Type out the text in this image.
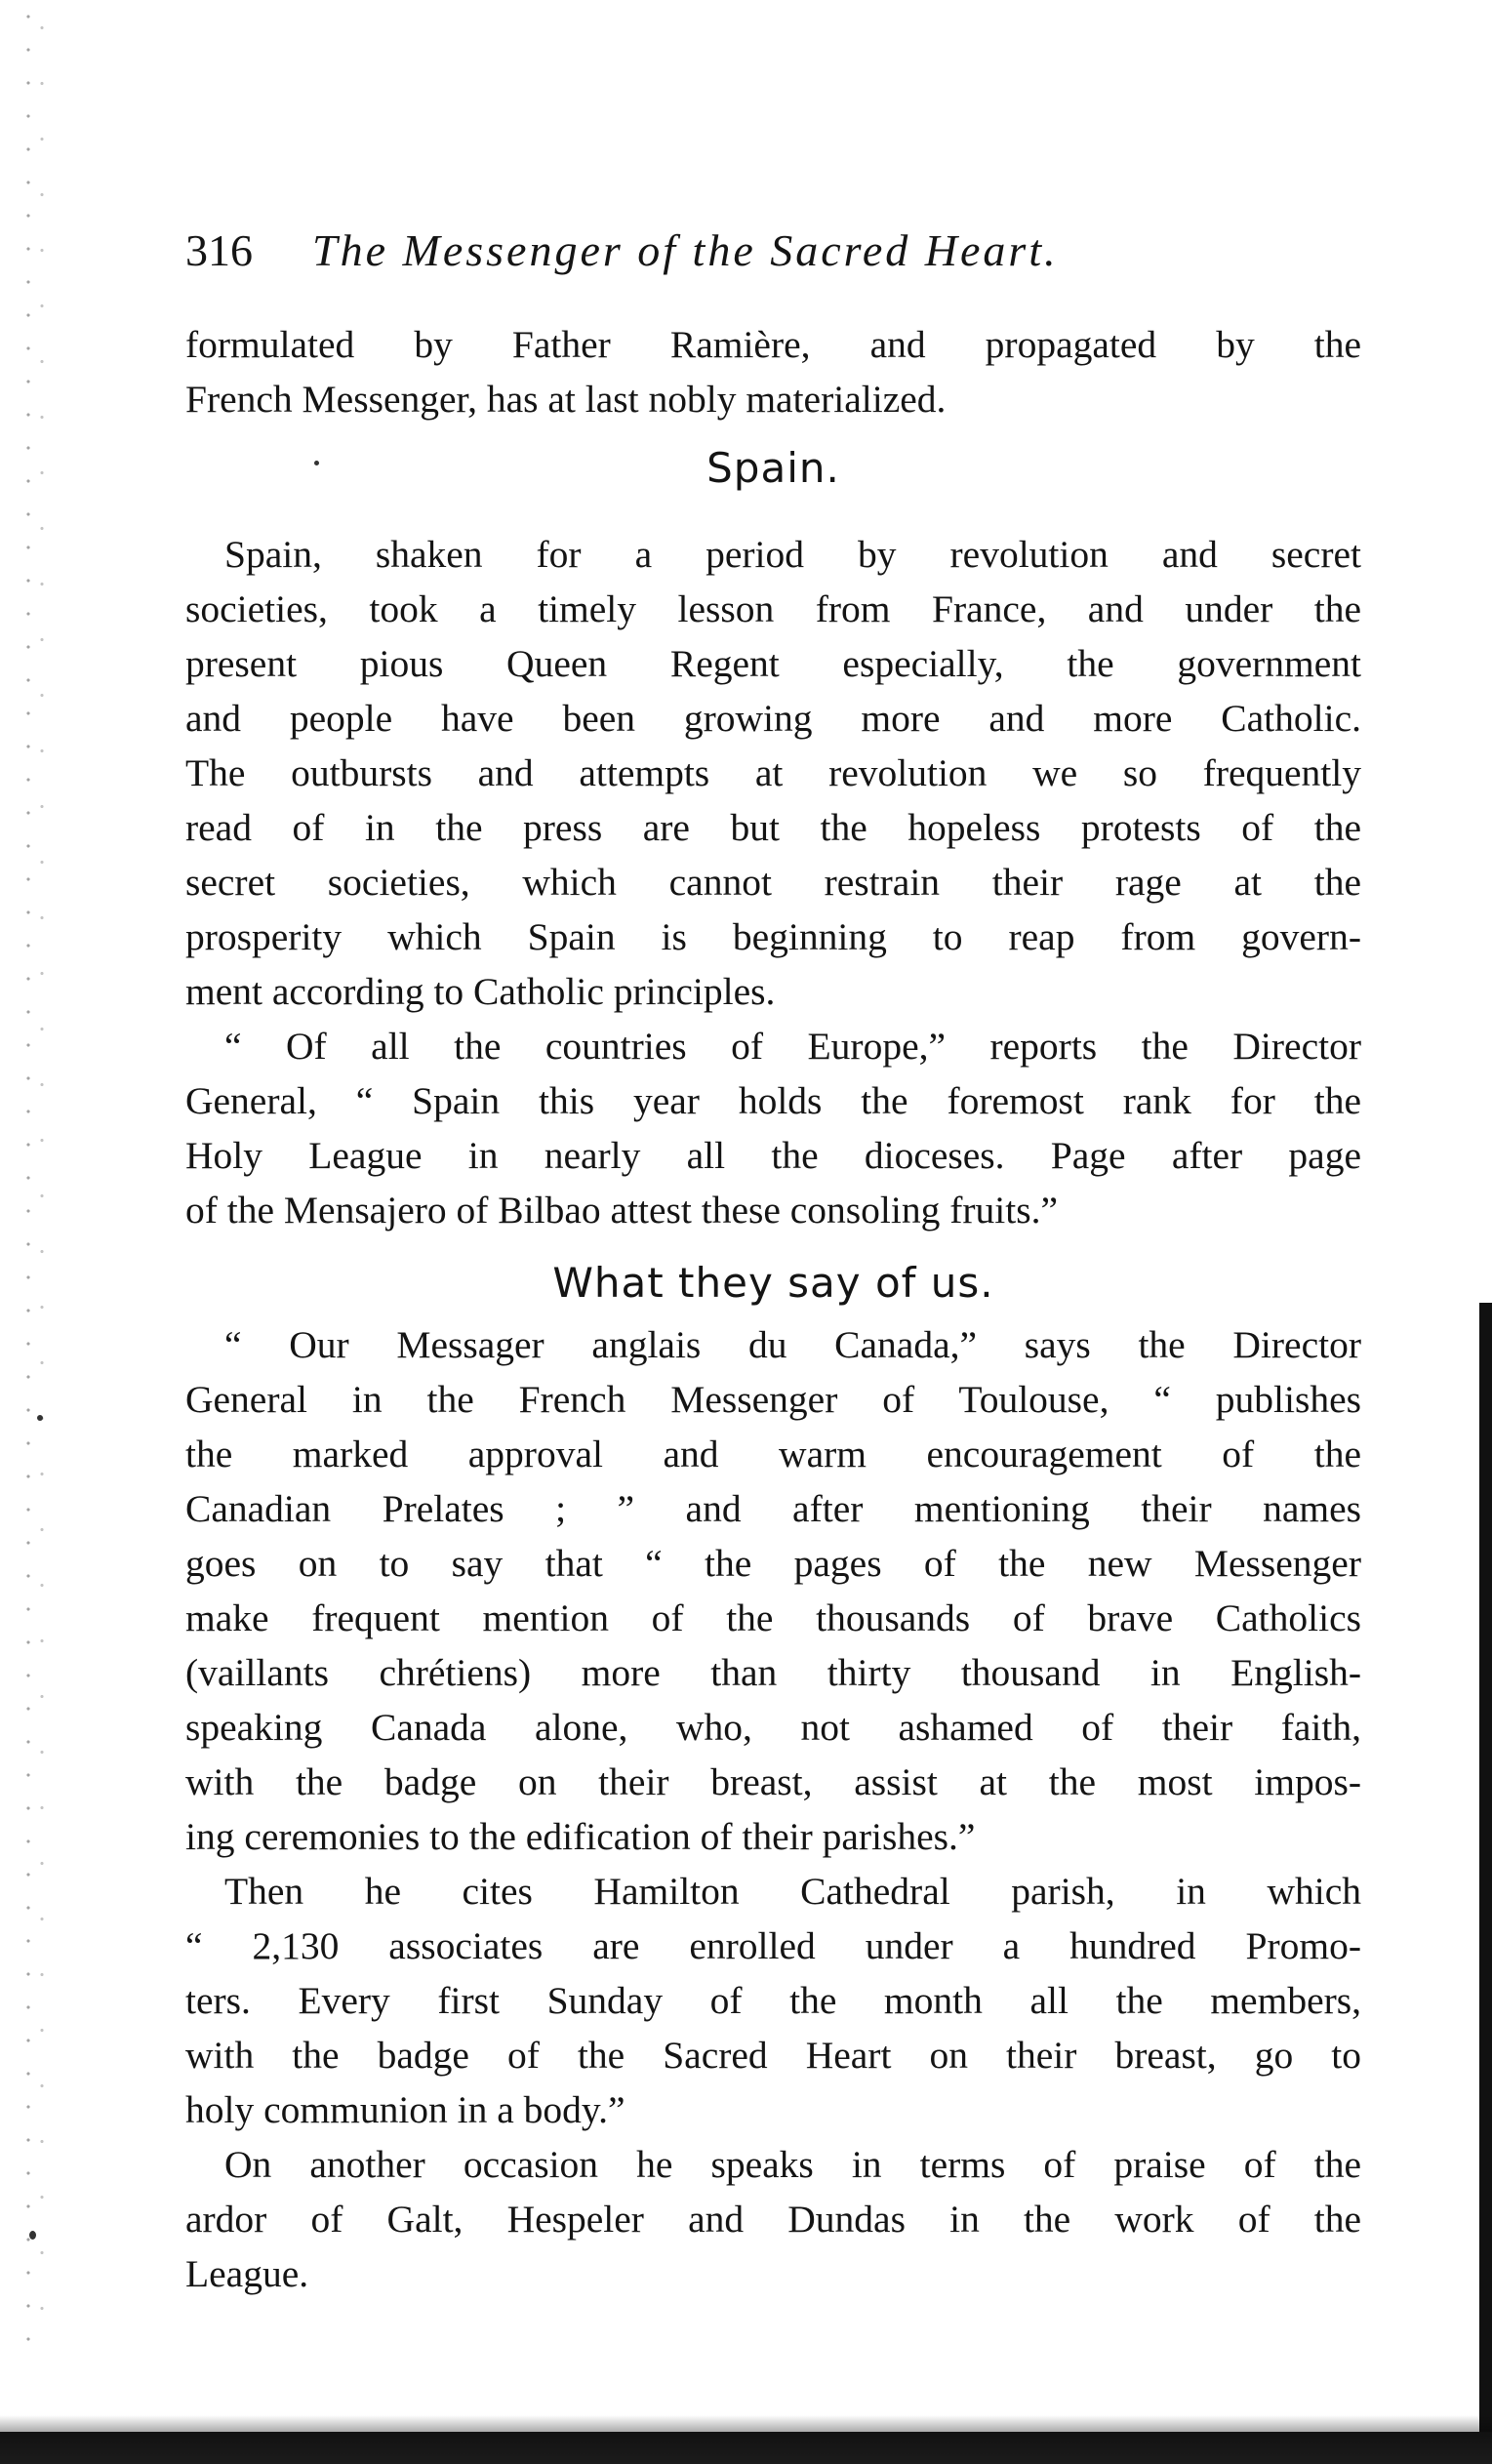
316 The Messenger of the Sacred Heart.
formulated by Father Ramière, and propagated by the
French Messenger, has at last nobly materialized.
Spain.
Spain, shaken for a period by revolution and secret
societies, took a timely lesson from France, and under the
present pious Queen Regent especially, the government
and people have been growing more and more Catholic.
The outbursts and attempts at revolution we so frequently
read of in the press are but the hopeless protests of the
secret societies, which cannot restrain their rage at the
prosperity which Spain is beginning to reap from govern-
ment according to Catholic principles.
“ Of all the countries of Europe,” reports the Director
General, “ Spain this year holds the foremost rank for the
Holy League in nearly all the dioceses. Page after page
of the Mensajero of Bilbao attest these consoling fruits.”
What they say of us.
“ Our Messager anglais du Canada,” says the Director
General in the French Messenger of Toulouse, “ publishes
the marked approval and warm encouragement of the
Canadian Prelates ; ” and after mentioning their names
goes on to say that “ the pages of the new Messenger
make frequent mention of the thousands of brave Catholics
(vaillants chrétiens) more than thirty thousand in English-
speaking Canada alone, who, not ashamed of their faith,
with the badge on their breast, assist at the most impos-
ing ceremonies to the edification of their parishes.”
Then he cites Hamilton Cathedral parish, in which
“ 2,130 associates are enrolled under a hundred Promo-
ters. Every first Sunday of the month all the members,
with the badge of the Sacred Heart on their breast, go to
holy communion in a body.”
On another occasion he speaks in terms of praise of the
ardor of Galt, Hespeler and Dundas in the work of the
League.
